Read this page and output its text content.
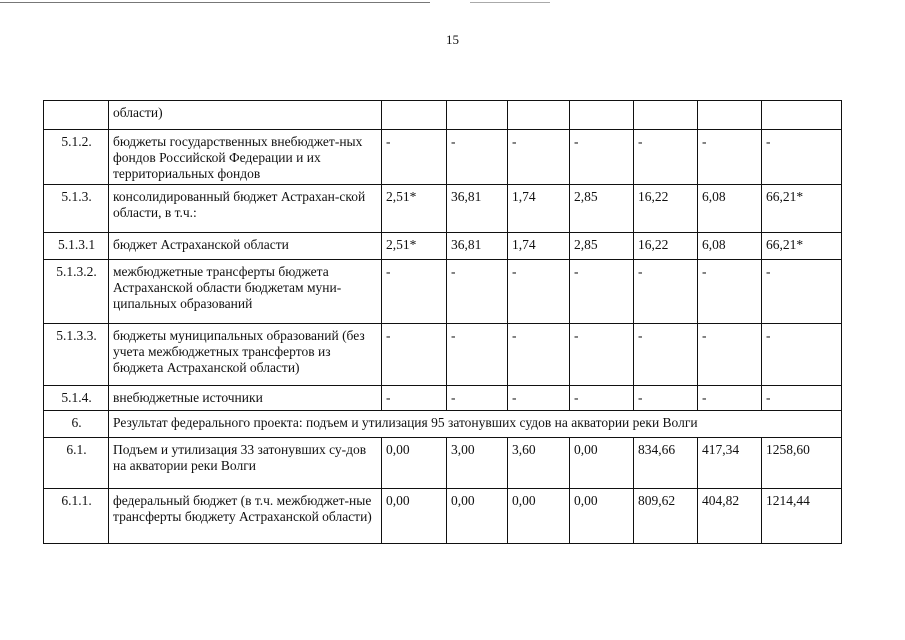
15
	области)							
5.1.2.	бюджеты государственных внебюджет-ных фондов Российской Федерации и их территориальных фондов	-	-	-	-	-	-	-
5.1.3.	консолидированный бюджет Астрахан-ской области, в т.ч.:	2,51*	36,81	1,74	2,85	16,22	6,08	66,21*
5.1.3.1	бюджет Астраханской области	2,51*	36,81	1,74	2,85	16,22	6,08	66,21*
5.1.3.2.	межбюджетные трансферты бюджета Астраханской области бюджетам муни-ципальных образований	-	-	-	-	-	-	-
5.1.3.3.	бюджеты муниципальных образований (без учета межбюджетных трансфертов из бюджета Астраханской области)	-	-	-	-	-	-	-
5.1.4.	внебюджетные источники	-	-	-	-	-	-	-
6.	Результат федерального проекта: подъем и утилизация 95 затонувших судов на акватории реки Волги							
6.1.	Подъем и утилизация 33 затонувших су-дов на акватории реки Волги	0,00	3,00	3,60	0,00	834,66	417,34	1258,60
6.1.1.	федеральный бюджет (в т.ч. межбюджет-ные трансферты бюджету Астраханской области)	0,00	0,00	0,00	0,00	809,62	404,82	1214,44
